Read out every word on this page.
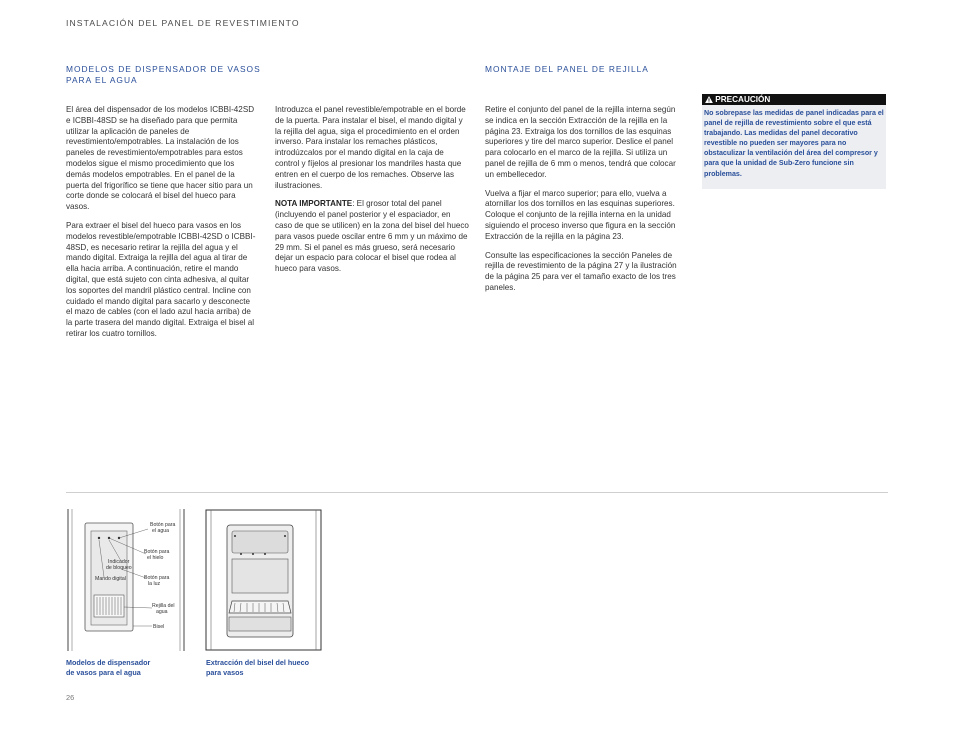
INSTALACIÓN DEL PANEL DE REVESTIMIENTO
MODELOS DE DISPENSADOR DE VASOS
PARA EL AGUA
MONTAJE DEL PANEL DE REJILLA

El área del dispensador de los modelos ICBBI-42SD e ICBBI-48SD se ha diseñado para que permita utilizar la aplicación de paneles de revestimiento/empotrables. La instalación de los paneles de revestimiento/empotrables para estos modelos sigue el mismo procedimiento que los demás modelos empotrables. En el panel de la puerta del frigorífico se tiene que hacer sitio para un corte donde se colocará el bisel del hueco para vasos.

Para extraer el bisel del hueco para vasos en los modelos revestible/empotrable ICBBI-42SD o ICBBI-48SD, es necesario retirar la rejilla del agua y el mando digital. Extraiga la rejilla del agua al tirar de ella hacia arriba. A continuación, retire el mando digital, que está sujeto con cinta adhesiva, al quitar los soportes del mandril plástico central. Incline con cuidado el mando digital para sacarlo y desconecte el mazo de cables (con el lado azul hacia arriba) de la parte trasera del mando digital. Extraiga el bisel al retirar los cuatro tornillos.

Introduzca el panel revestible/empotrable en el borde de la puerta. Para instalar el bisel, el mando digital y la rejilla del agua, siga el procedimiento en el orden inverso. Para instalar los remaches plásticos, introdúzcalos por el mando digital en la caja de control y fíjelos al presionar los mandriles hasta que entren en el cuerpo de los remaches. Observe las ilustraciones.

NOTA IMPORTANTE: El grosor total del panel (incluyendo el panel posterior y el espaciador, en caso de que se utilicen) en la zona del bisel del hueco para vasos puede oscilar entre 6 mm y un máximo de 29 mm. Si el panel es más grueso, será necesario dejar un espacio para colocar el bisel que rodea al hueco para vasos.

Retire el conjunto del panel de la rejilla interna según se indica en la sección Extracción de la rejilla en la página 23. Extraiga los dos tornillos de las esquinas superiores y tire del marco superior. Deslice el panel para colocarlo en el marco de la rejilla. Si utiliza un panel de rejilla de 6 mm o menos, tendrá que colocar un embellecedor.

Vuelva a fijar el marco superior; para ello, vuelva a atornillar los dos tornillos en las esquinas superiores. Coloque el conjunto de la rejilla interna en la unidad siguiendo el proceso inverso que figura en la sección Extracción de la rejilla en la página 23.

Consulte las especificaciones la sección Paneles de rejilla de revestimiento de la página 27 y la ilustración de la página 25 para ver el tamaño exacto de los tres paneles.

PRECAUCIÓN
No sobrepase las medidas de panel indicadas para el panel de rejilla de revestimiento sobre el que está trabajando. Las medidas del panel decorativo revestible no pueden ser mayores para no obstaculizar la ventilación del área del compresor y para que la unidad de Sub-Zero funcione sin problemas.
Botón para
el agua
Botón para
el hielo
Indicador
de bloqueo
Mando digital	Botón para
la luz
Rejilla del
agua
Bisel
Modelos de dispensador
de vasos para el agua
Extracción del bisel del hueco
para vasos
26
